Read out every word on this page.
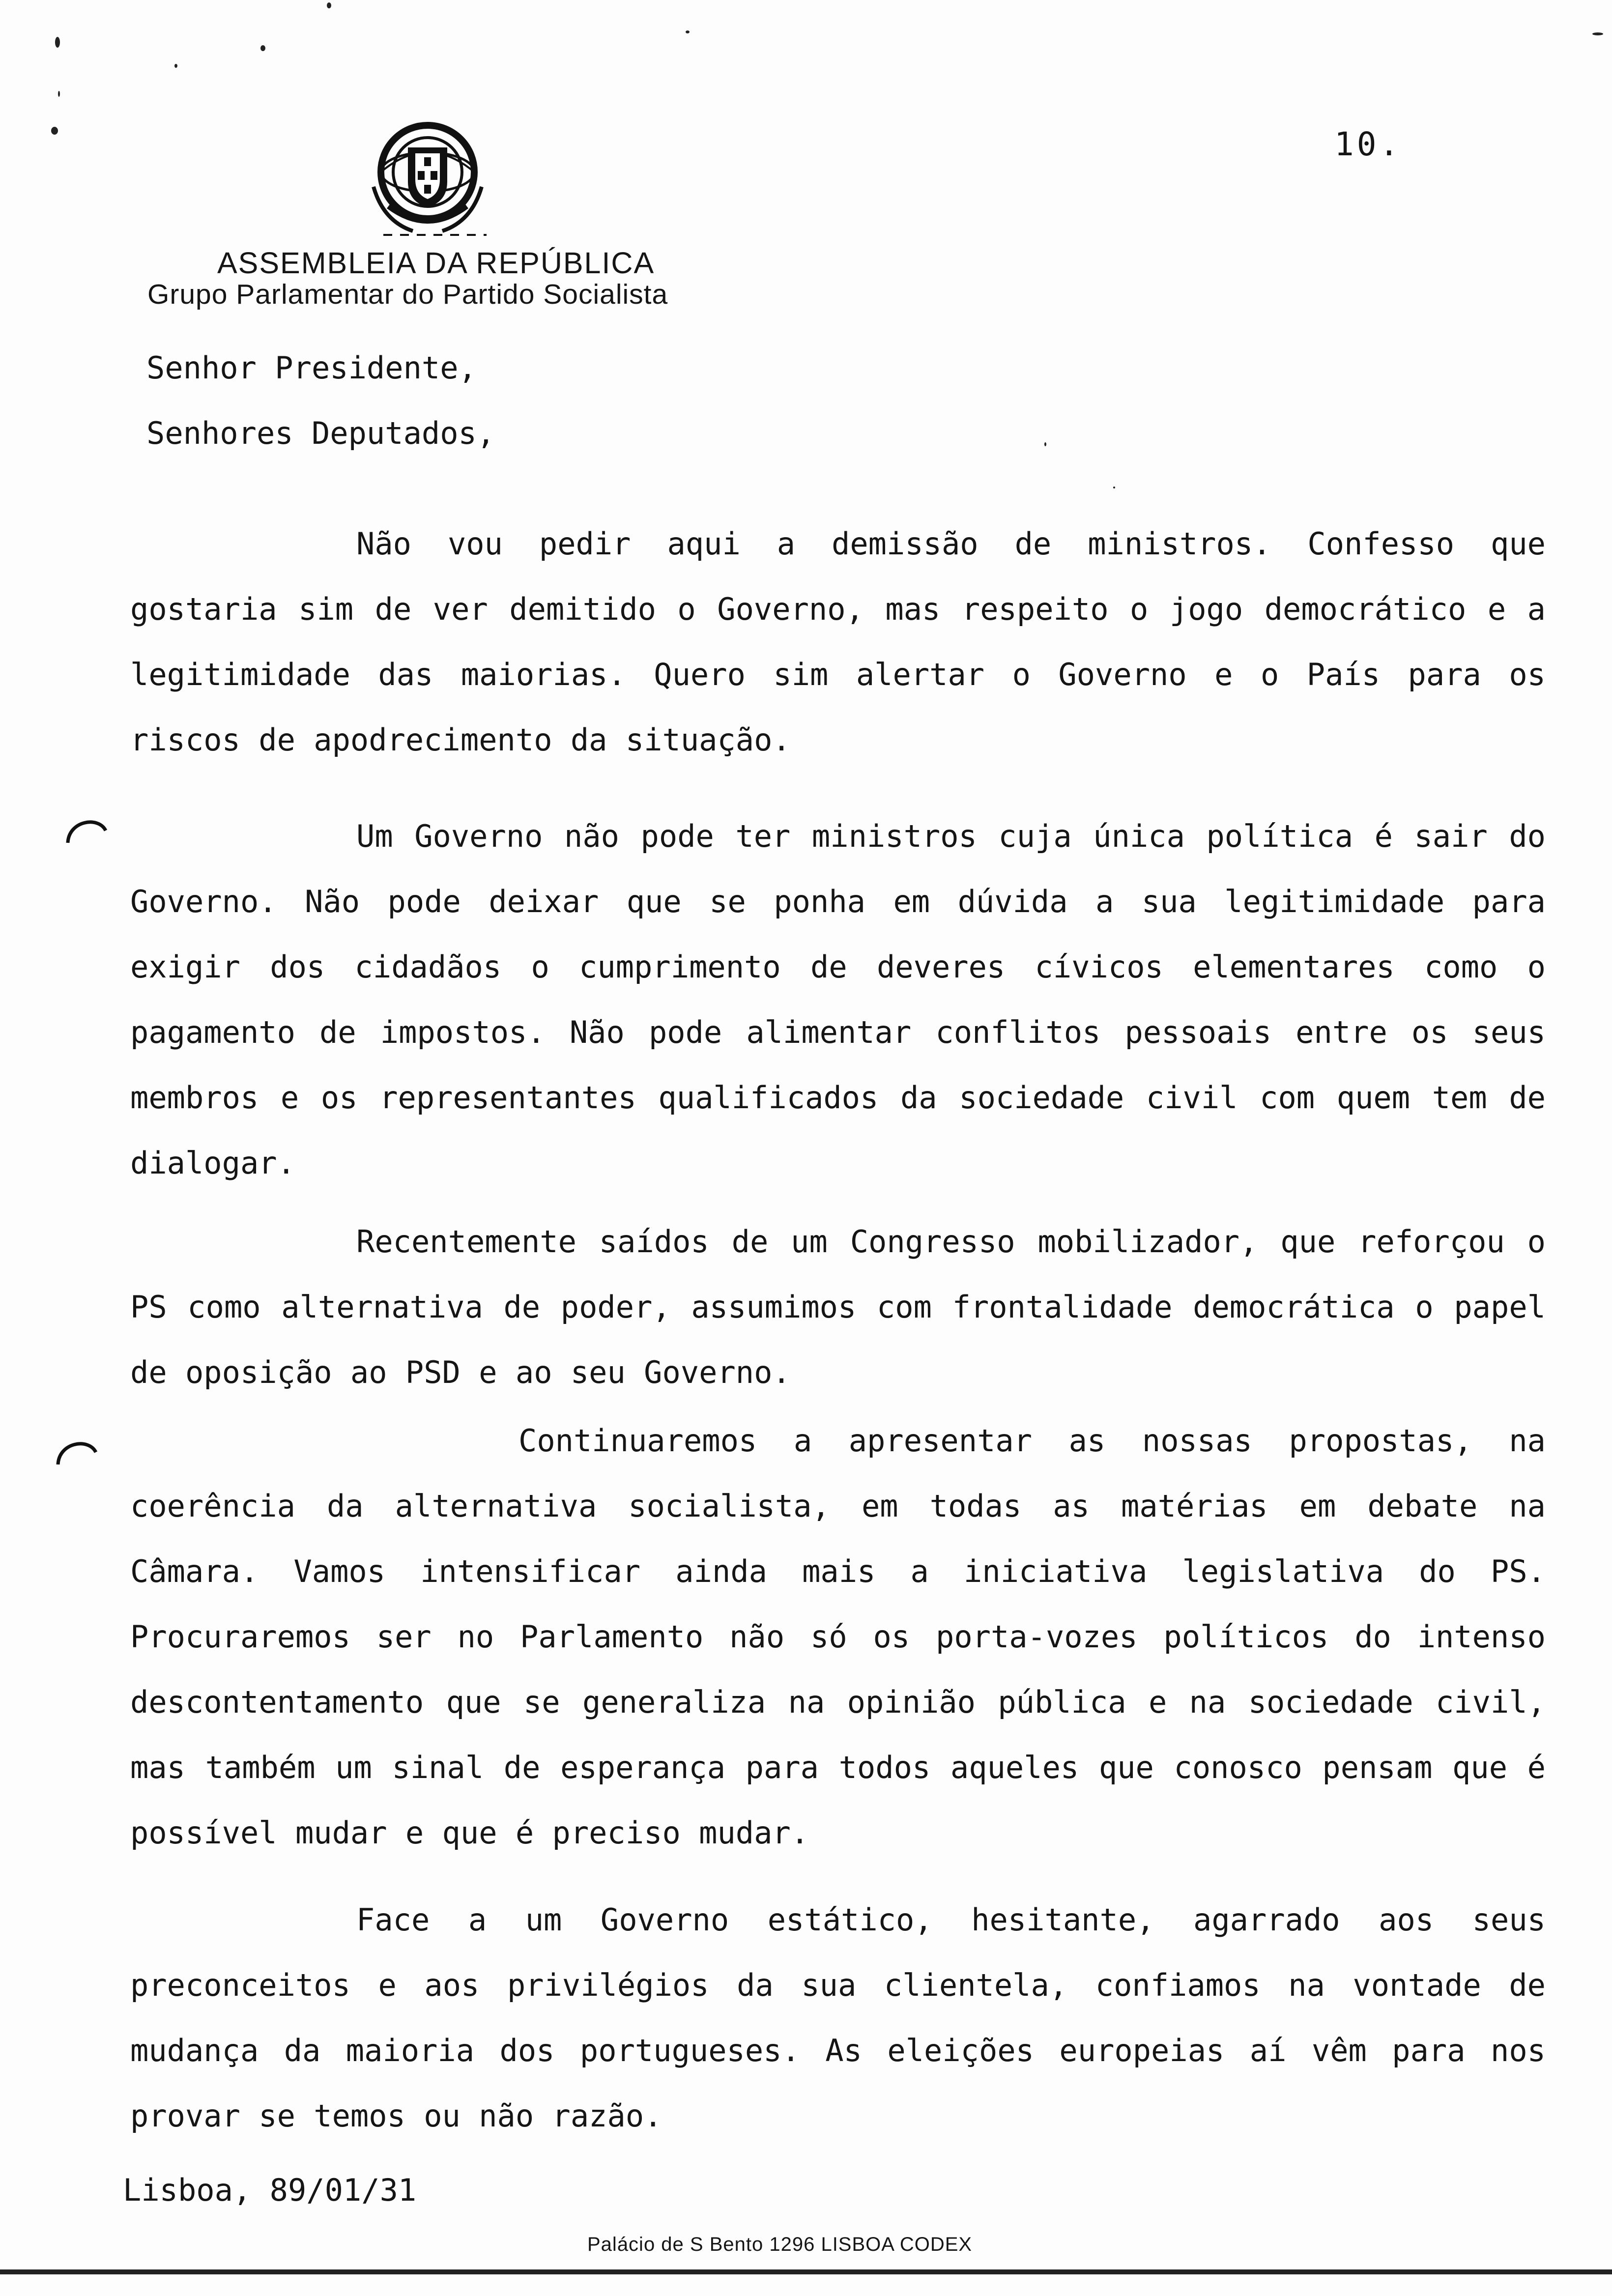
10.
ASSEMBLEIA DA REPÚBLICA
Grupo Parlamentar do Partido Socialista
Senhor Presidente,
Senhores Deputados,

Não vou pedir aqui a demissão de ministros. Confesso que gostaria sim de ver demitido o Governo, mas respeito o jogo democrático e a legitimidade das maiorias. Quero sim alertar o Governo e o País para os riscos de apodrecimento da situação.

Um Governo não pode ter ministros cuja única política é sair do Governo. Não pode deixar que se ponha em dúvida a sua legitimidade para exigir dos cidadãos o cumprimento de deveres cívicos elementares como o pagamento de impostos. Não pode alimentar conflitos pessoais entre os seus membros e os representantes qualificados da sociedade civil com quem tem de dialogar.

Recentemente saídos de um Congresso mobilizador, que reforçou o PS como alternativa de poder, assumimos com frontalidade democrática o papel de oposição ao PSD e ao seu Governo.

Continuaremos a apresentar as nossas propostas, na coerência da alternativa socialista, em todas as matérias em debate na Câmara. Vamos intensificar ainda mais a iniciativa legislativa do PS. Procuraremos ser no Parlamento não só os porta-vozes políticos do intenso descontentamento que se generaliza na opinião pública e na sociedade civil, mas também um sinal de esperança para todos aqueles que conosco pensam que é possível mudar e que é preciso mudar.

Face a um Governo estático, hesitante, agarrado aos seus preconceitos e aos privilégios da sua clientela, confiamos na vontade de mudança da maioria dos portugueses. As eleições europeias aí vêm para nos provar se temos ou não razão.

Lisboa, 89/01/31
Palácio de S Bento 1296 LISBOA CODEX
